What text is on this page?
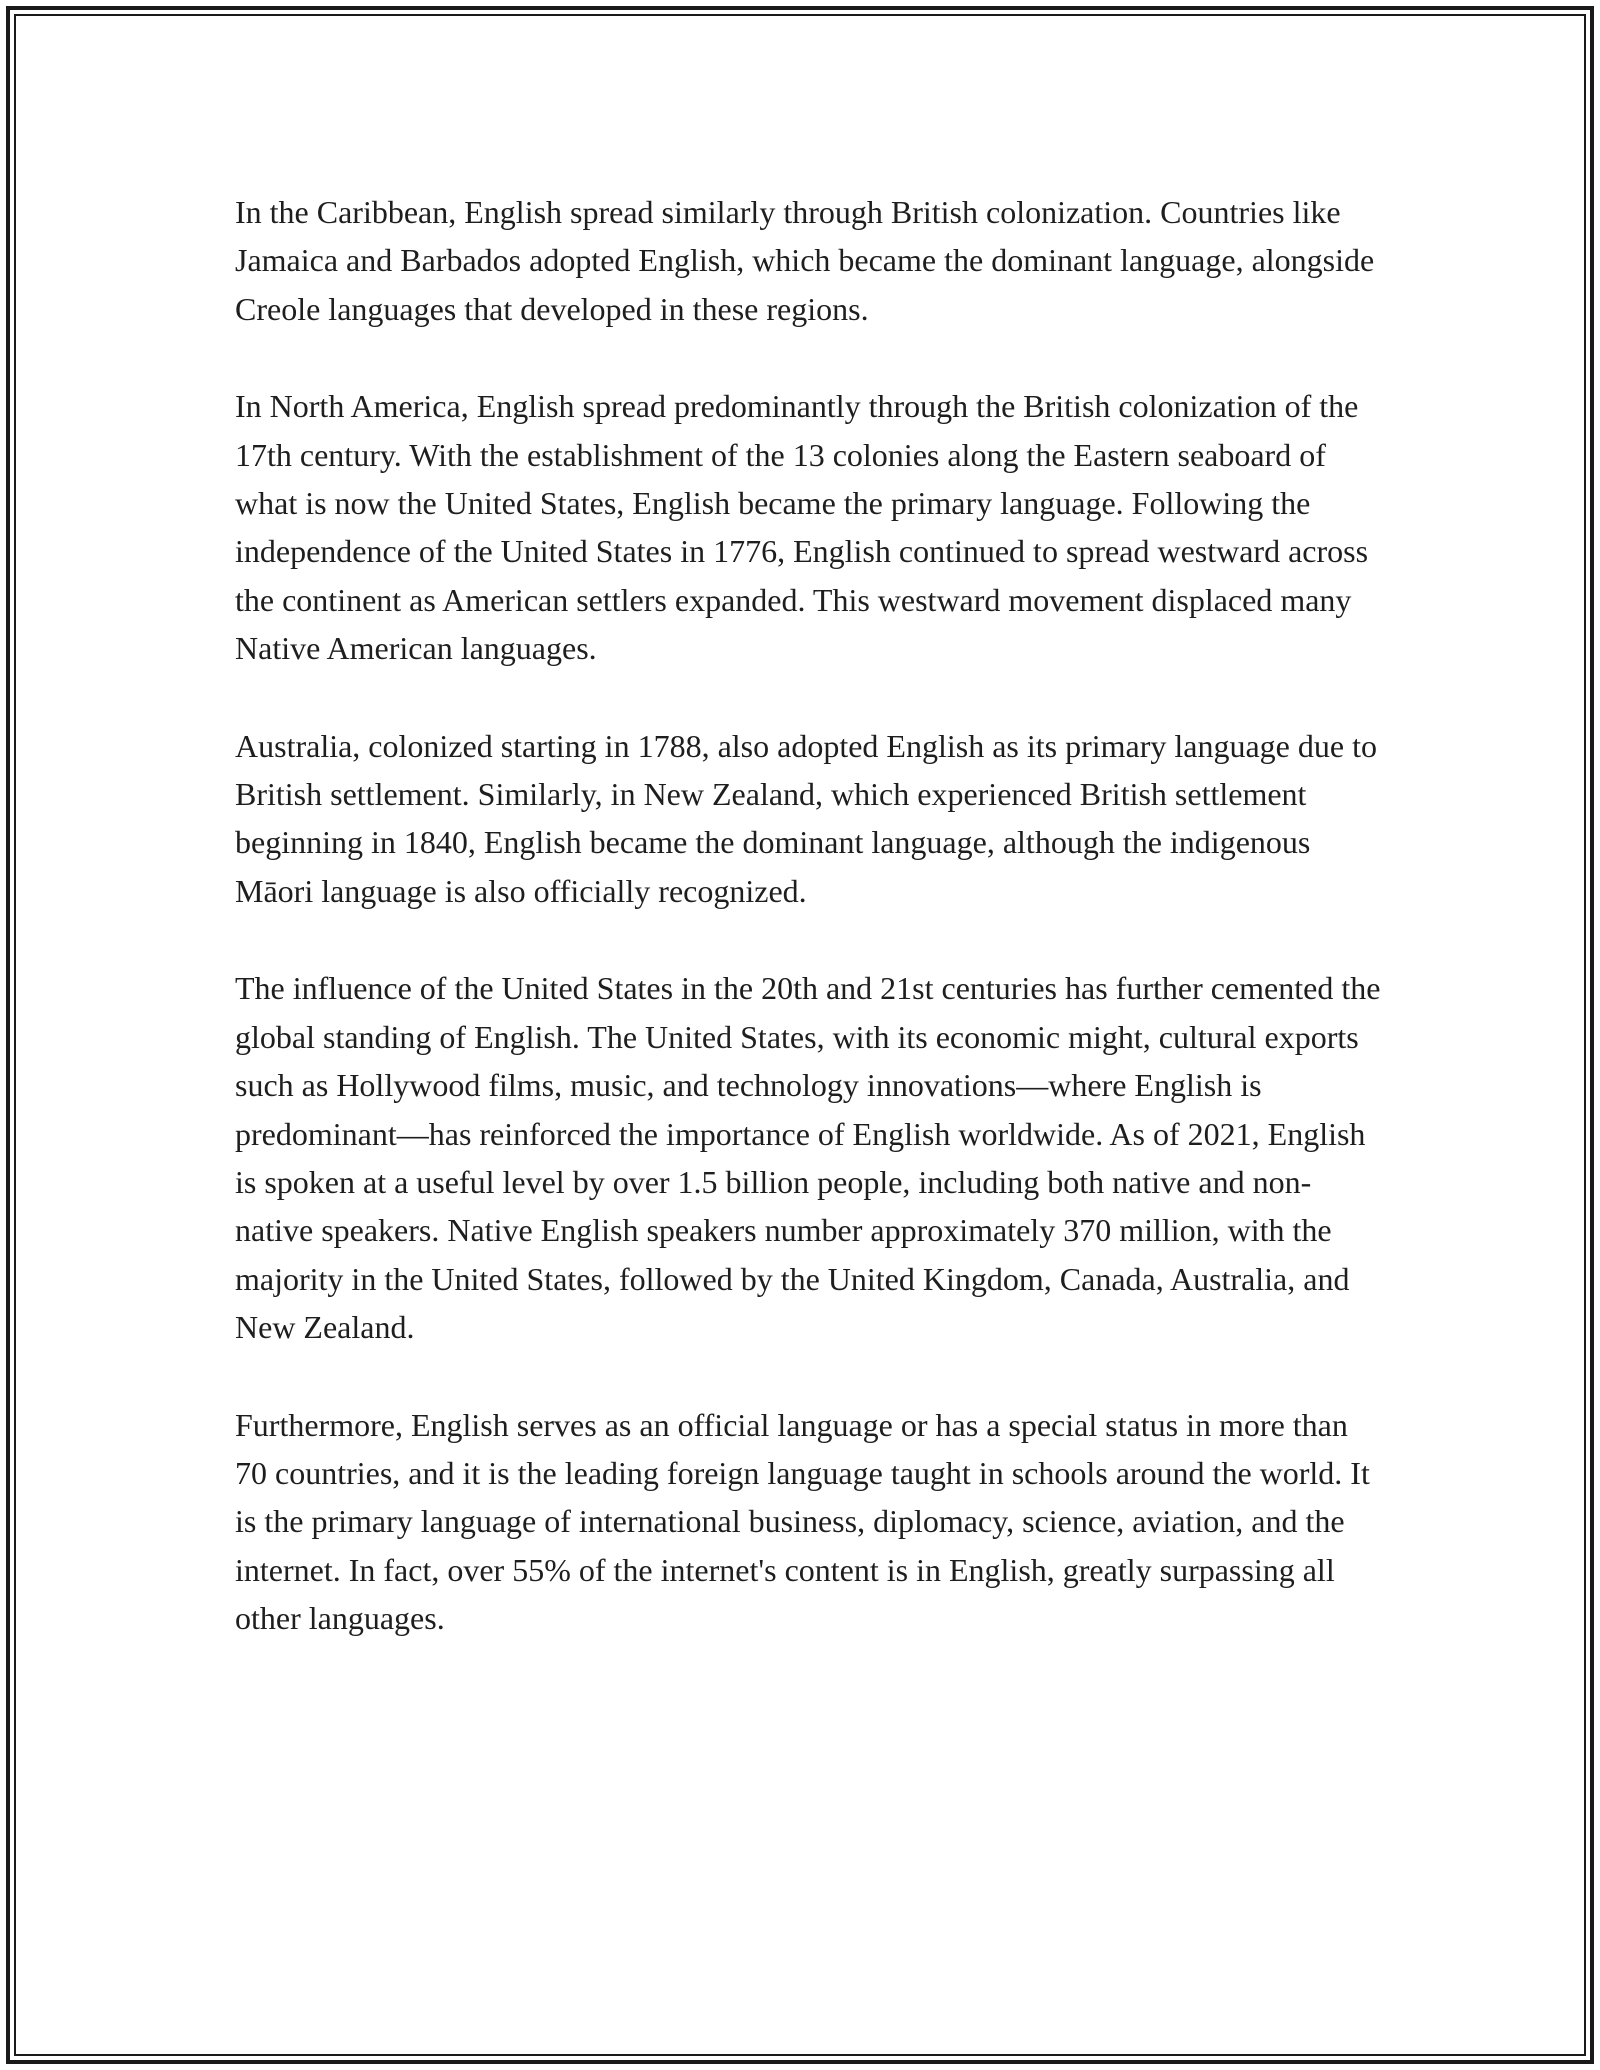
In the Caribbean, English spread similarly through British colonization. Countries like Jamaica and Barbados adopted English, which became the dominant language, alongside Creole languages that developed in these regions.

In North America, English spread predominantly through the British colonization of the 17th century. With the establishment of the 13 colonies along the Eastern seaboard of what is now the United States, English became the primary language. Following the independence of the United States in 1776, English continued to spread westward across the continent as American settlers expanded. This westward movement displaced many Native American languages.

Australia, colonized starting in 1788, also adopted English as its primary language due to British settlement. Similarly, in New Zealand, which experienced British settlement beginning in 1840, English became the dominant language, although the indigenous Māori language is also officially recognized.

The influence of the United States in the 20th and 21st centuries has further cemented the global standing of English. The United States, with its economic might, cultural exports such as Hollywood films, music, and technology innovations—where English is predominant—has reinforced the importance of English worldwide. As of 2021, English is spoken at a useful level by over 1.5 billion people, including both native and non-native speakers. Native English speakers number approximately 370 million, with the majority in the United States, followed by the United Kingdom, Canada, Australia, and New Zealand.

Furthermore, English serves as an official language or has a special status in more than 70 countries, and it is the leading foreign language taught in schools around the world. It is the primary language of international business, diplomacy, science, aviation, and the internet. In fact, over 55% of the internet's content is in English, greatly surpassing all other languages.
